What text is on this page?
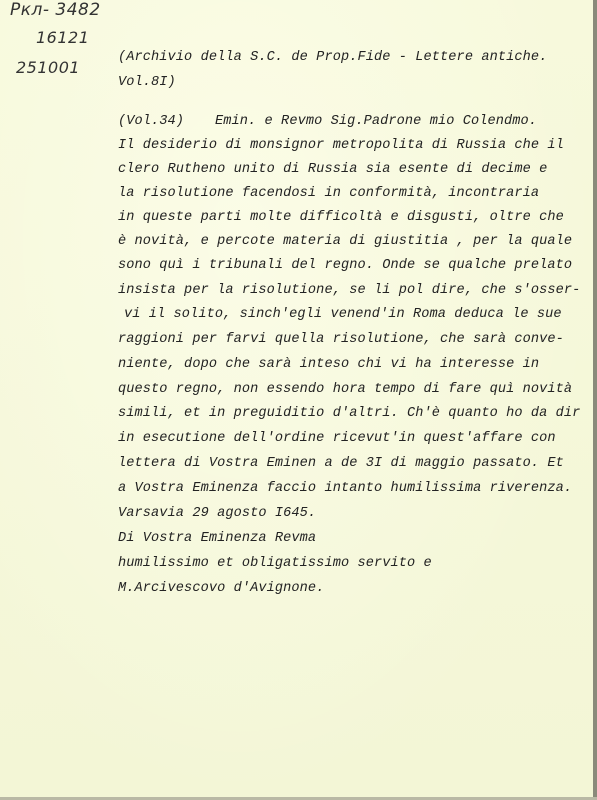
Pкл- 3482
16121
251001
(Archivio della S.C. de Prop.Fide - Lettere antiche.
Vol.8I)
(Vol.34) Emin. e Revmo Sig.Padrone mio Colendmo.
Il desiderio di monsignor metropolita di Russia che il
clero Rutheno unito di Russia sia esente di decime e
la risolutione facendosi in conformità, incontraria
in queste parti molte difficoltà e disgusti, oltre che
è novità, e percote materia di giustitia , per la quale
sono quì i tribunali del regno. Onde se qualche prelato
insista per la risolutione, se li pol dire, che s'osser-
vi il solito, sinch'egli venend'in Roma deduca le sue
raggioni per farvi quella risolutione, che sarà conve-
niente, dopo che sarà inteso chi vi ha interesse in
questo regno, non essendo hora tempo di fare quì novità
simili, et in preguiditio d'altri. Ch'è quanto ho da dir
in esecutione dell'ordine ricevut'in quest'affare con
lettera di Vostra Eminen a de 3I di maggio passato. Et
a Vostra Eminenza faccio intanto humilissima riverenza.
Varsavia 29 agosto I645.
Di Vostra Eminenza Revma
humilissimo et obligatissimo servito e
M.Arcivescovo d'Avignone.
